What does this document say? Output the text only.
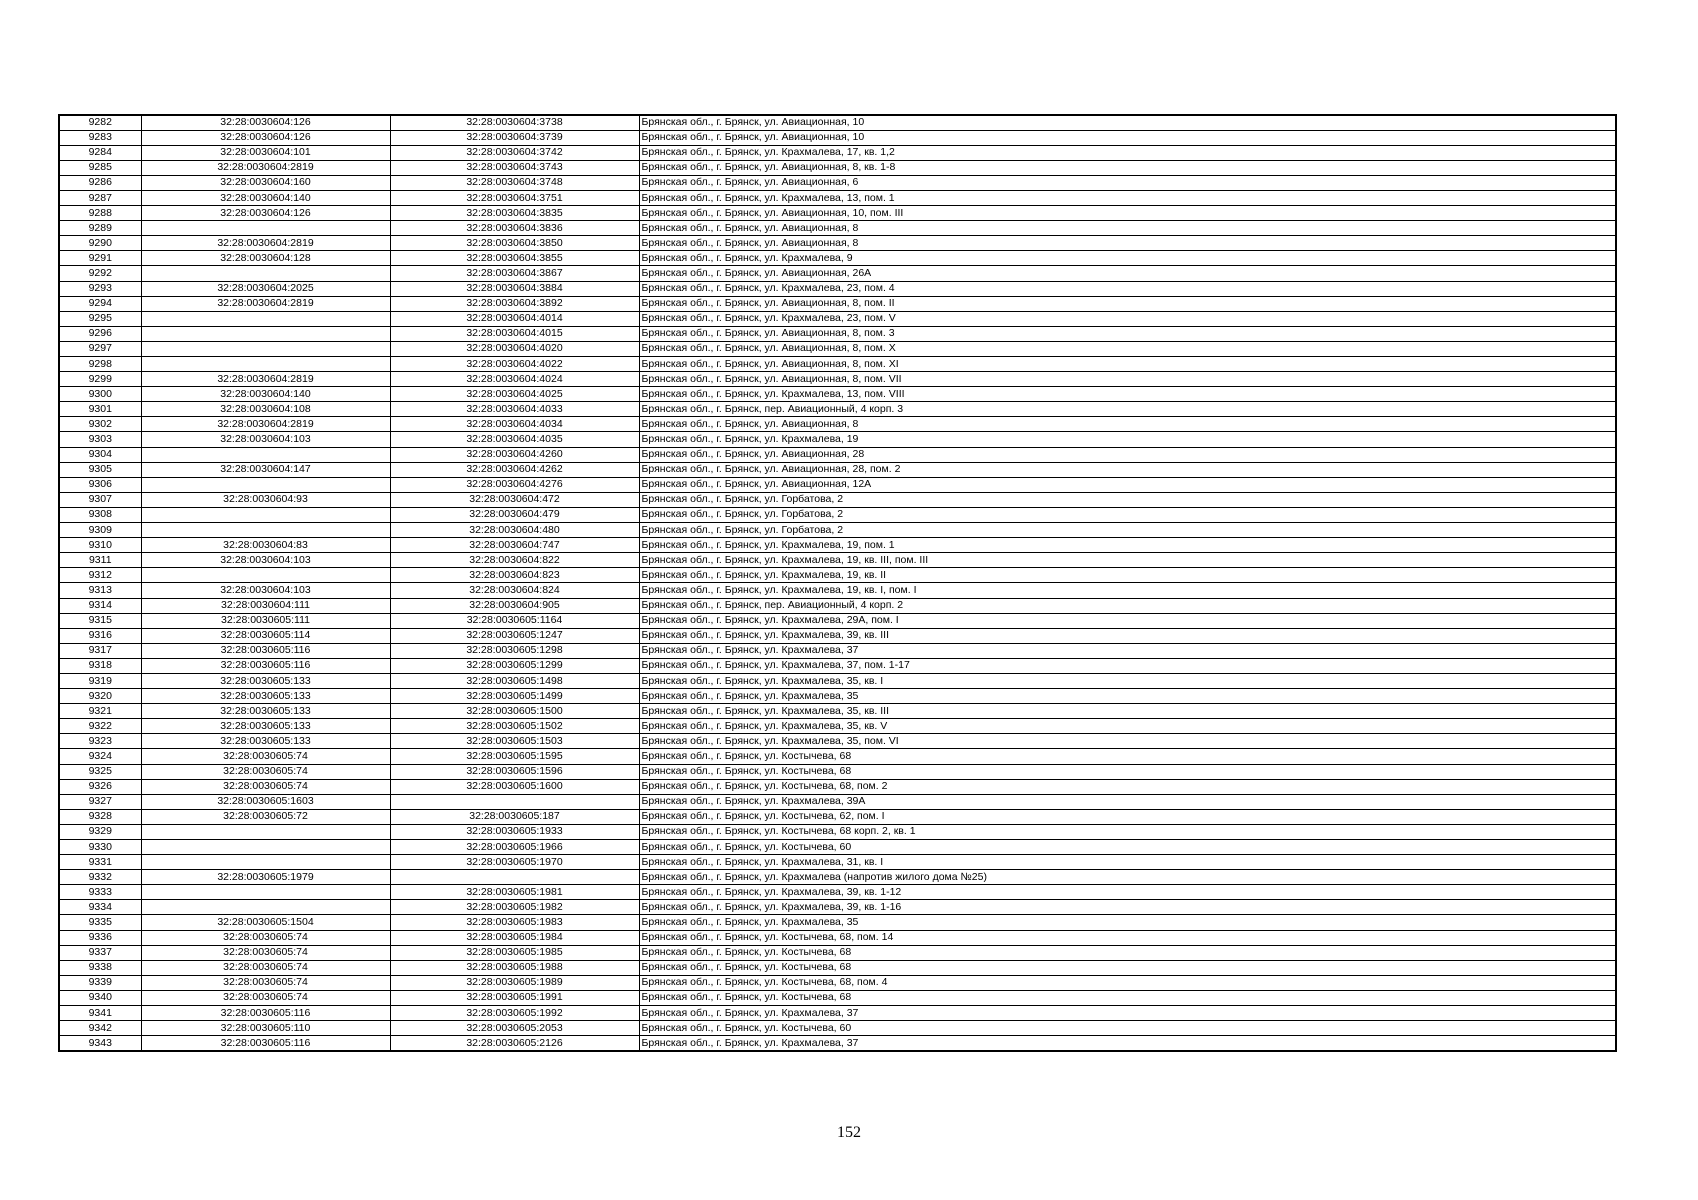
9282	32:28:0030604:126	32:28:0030604:3738	Брянская обл., г. Брянск, ул. Авиационная, 10
9283	32:28:0030604:126	32:28:0030604:3739	Брянская обл., г. Брянск, ул. Авиационная, 10
9284	32:28:0030604:101	32:28:0030604:3742	Брянская обл., г. Брянск, ул. Крахмалева, 17, кв. 1,2
9285	32:28:0030604:2819	32:28:0030604:3743	Брянская обл., г. Брянск, ул. Авиационная, 8, кв. 1-8
9286	32:28:0030604:160	32:28:0030604:3748	Брянская обл., г. Брянск, ул. Авиационная, 6
9287	32:28:0030604:140	32:28:0030604:3751	Брянская обл., г. Брянск, ул. Крахмалева, 13, пом. 1
9288	32:28:0030604:126	32:28:0030604:3835	Брянская обл., г. Брянск, ул. Авиационная, 10, пом. III
9289		32:28:0030604:3836	Брянская обл., г. Брянск, ул. Авиационная, 8
9290	32:28:0030604:2819	32:28:0030604:3850	Брянская обл., г. Брянск, ул. Авиационная, 8
9291	32:28:0030604:128	32:28:0030604:3855	Брянская обл., г. Брянск, ул. Крахмалева, 9
9292		32:28:0030604:3867	Брянская обл., г. Брянск, ул. Авиационная, 26А
9293	32:28:0030604:2025	32:28:0030604:3884	Брянская обл., г. Брянск, ул. Крахмалева, 23, пом. 4
9294	32:28:0030604:2819	32:28:0030604:3892	Брянская обл., г. Брянск, ул. Авиационная, 8, пом. II
9295		32:28:0030604:4014	Брянская обл., г. Брянск, ул. Крахмалева, 23, пом. V
9296		32:28:0030604:4015	Брянская обл., г. Брянск, ул. Авиационная, 8, пом. 3
9297		32:28:0030604:4020	Брянская обл., г. Брянск, ул. Авиационная, 8, пом. X
9298		32:28:0030604:4022	Брянская обл., г. Брянск, ул. Авиационная, 8, пом. XI
9299	32:28:0030604:2819	32:28:0030604:4024	Брянская обл., г. Брянск, ул. Авиационная, 8, пом. VII
9300	32:28:0030604:140	32:28:0030604:4025	Брянская обл., г. Брянск, ул. Крахмалева, 13, пом. VIII
9301	32:28:0030604:108	32:28:0030604:4033	Брянская обл., г. Брянск, пер. Авиационный, 4 корп. 3
9302	32:28:0030604:2819	32:28:0030604:4034	Брянская обл., г. Брянск, ул. Авиационная, 8
9303	32:28:0030604:103	32:28:0030604:4035	Брянская обл., г. Брянск, ул. Крахмалева, 19
9304		32:28:0030604:4260	Брянская обл., г. Брянск, ул. Авиационная, 28
9305	32:28:0030604:147	32:28:0030604:4262	Брянская обл., г. Брянск, ул. Авиационная, 28, пом. 2
9306		32:28:0030604:4276	Брянская обл., г. Брянск, ул. Авиационная, 12А
9307	32:28:0030604:93	32:28:0030604:472	Брянская обл., г. Брянск, ул. Горбатова, 2
9308		32:28:0030604:479	Брянская обл., г. Брянск, ул. Горбатова, 2
9309		32:28:0030604:480	Брянская обл., г. Брянск, ул. Горбатова, 2
9310	32:28:0030604:83	32:28:0030604:747	Брянская обл., г. Брянск, ул. Крахмалева, 19, пом. 1
9311	32:28:0030604:103	32:28:0030604:822	Брянская обл., г. Брянск, ул. Крахмалева, 19, кв. III, пом. III
9312		32:28:0030604:823	Брянская обл., г. Брянск, ул. Крахмалева, 19, кв. II
9313	32:28:0030604:103	32:28:0030604:824	Брянская обл., г. Брянск, ул. Крахмалева, 19, кв. I, пом. I
9314	32:28:0030604:111	32:28:0030604:905	Брянская обл., г. Брянск, пер. Авиационный, 4 корп. 2
9315	32:28:0030605:111	32:28:0030605:1164	Брянская обл., г. Брянск, ул. Крахмалева, 29А, пом. I
9316	32:28:0030605:114	32:28:0030605:1247	Брянская обл., г. Брянск, ул. Крахмалева, 39, кв. III
9317	32:28:0030605:116	32:28:0030605:1298	Брянская обл., г. Брянск, ул. Крахмалева, 37
9318	32:28:0030605:116	32:28:0030605:1299	Брянская обл., г. Брянск, ул. Крахмалева, 37, пом. 1-17
9319	32:28:0030605:133	32:28:0030605:1498	Брянская обл., г. Брянск, ул. Крахмалева, 35, кв. I
9320	32:28:0030605:133	32:28:0030605:1499	Брянская обл., г. Брянск, ул. Крахмалева, 35
9321	32:28:0030605:133	32:28:0030605:1500	Брянская обл., г. Брянск, ул. Крахмалева, 35, кв. III
9322	32:28:0030605:133	32:28:0030605:1502	Брянская обл., г. Брянск, ул. Крахмалева, 35, кв. V
9323	32:28:0030605:133	32:28:0030605:1503	Брянская обл., г. Брянск, ул. Крахмалева, 35, пом. VI
9324	32:28:0030605:74	32:28:0030605:1595	Брянская обл., г. Брянск, ул. Костычева, 68
9325	32:28:0030605:74	32:28:0030605:1596	Брянская обл., г. Брянск, ул. Костычева, 68
9326	32:28:0030605:74	32:28:0030605:1600	Брянская обл., г. Брянск, ул. Костычева, 68, пом. 2
9327	32:28:0030605:1603		Брянская обл., г. Брянск, ул. Крахмалева, 39А
9328	32:28:0030605:72	32:28:0030605:187	Брянская обл., г. Брянск, ул. Костычева, 62, пом. I
9329		32:28:0030605:1933	Брянская обл., г. Брянск, ул. Костычева, 68 корп. 2, кв. 1
9330		32:28:0030605:1966	Брянская обл., г. Брянск, ул. Костычева, 60
9331		32:28:0030605:1970	Брянская обл., г. Брянск, ул. Крахмалева, 31, кв. I
9332	32:28:0030605:1979		Брянская обл., г. Брянск, ул. Крахмалева (напротив жилого дома №25)
9333		32:28:0030605:1981	Брянская обл., г. Брянск, ул. Крахмалева, 39, кв. 1-12
9334		32:28:0030605:1982	Брянская обл., г. Брянск, ул. Крахмалева, 39, кв. 1-16
9335	32:28:0030605:1504	32:28:0030605:1983	Брянская обл., г. Брянск, ул. Крахмалева, 35
9336	32:28:0030605:74	32:28:0030605:1984	Брянская обл., г. Брянск, ул. Костычева, 68, пом. 14
9337	32:28:0030605:74	32:28:0030605:1985	Брянская обл., г. Брянск, ул. Костычева, 68
9338	32:28:0030605:74	32:28:0030605:1988	Брянская обл., г. Брянск, ул. Костычева, 68
9339	32:28:0030605:74	32:28:0030605:1989	Брянская обл., г. Брянск, ул. Костычева, 68, пом. 4
9340	32:28:0030605:74	32:28:0030605:1991	Брянская обл., г. Брянск, ул. Костычева, 68
9341	32:28:0030605:116	32:28:0030605:1992	Брянская обл., г. Брянск, ул. Крахмалева, 37
9342	32:28:0030605:110	32:28:0030605:2053	Брянская обл., г. Брянск, ул. Костычева, 60
9343	32:28:0030605:116	32:28:0030605:2126	Брянская обл., г. Брянск, ул. Крахмалева, 37
152
